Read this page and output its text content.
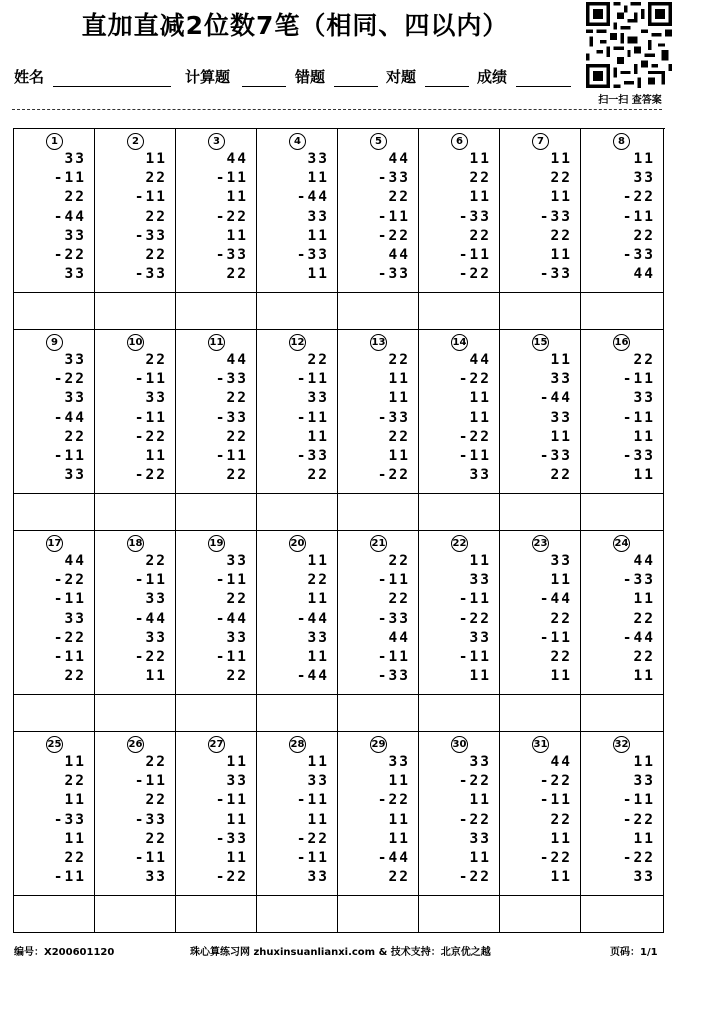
直加直减2位数7笔（相同、四以内）
扫一扫 查答案
姓名	计算题	错题	对题	成绩
1
33
-11
22
-44
33
-22
33
2
11
22
-11
22
-33
22
-33
3
44
-11
11
-22
11
-33
22
4
33
11
-44
33
11
-33
11
5
44
-33
22
-11
-22
44
-33
6
11
22
11
-33
22
-11
-22
7
11
22
11
-33
22
11
-33
8
11
33
-22
-11
22
-33
44
9
33
-22
33
-44
22
-11
33
10
22
-11
33
-11
-22
11
-22
11
44
-33
22
-33
22
-11
22
12
22
-11
33
-11
11
-33
22
13
22
11
11
-33
22
11
-22
14
44
-22
11
11
-22
-11
33
15
11
33
-44
33
11
-33
22
16
22
-11
33
-11
11
-33
11
17
44
-22
-11
33
-22
-11
22
18
22
-11
33
-44
33
-22
11
19
33
-11
22
-44
33
-11
22
20
11
22
11
-44
33
11
-44
21
22
-11
22
-33
44
-11
-33
22
11
33
-11
-22
33
-11
11
23
33
11
-44
22
-11
22
11
24
44
-33
11
22
-44
22
11
25
11
22
11
-33
11
22
-11
26
22
-11
22
-33
22
-11
33
27
11
33
-11
11
-33
11
-22
28
11
33
-11
11
-22
-11
33
29
33
11
-22
11
11
-44
22
30
33
-22
11
-22
33
11
-22
31
44
-22
-11
22
11
-22
11
32
11
33
-11
-22
11
-22
33
编号：X200601120	珠心算练习网 zhuxinsuanlianxi.com & 技术支持：北京优之越	页码：1/1
